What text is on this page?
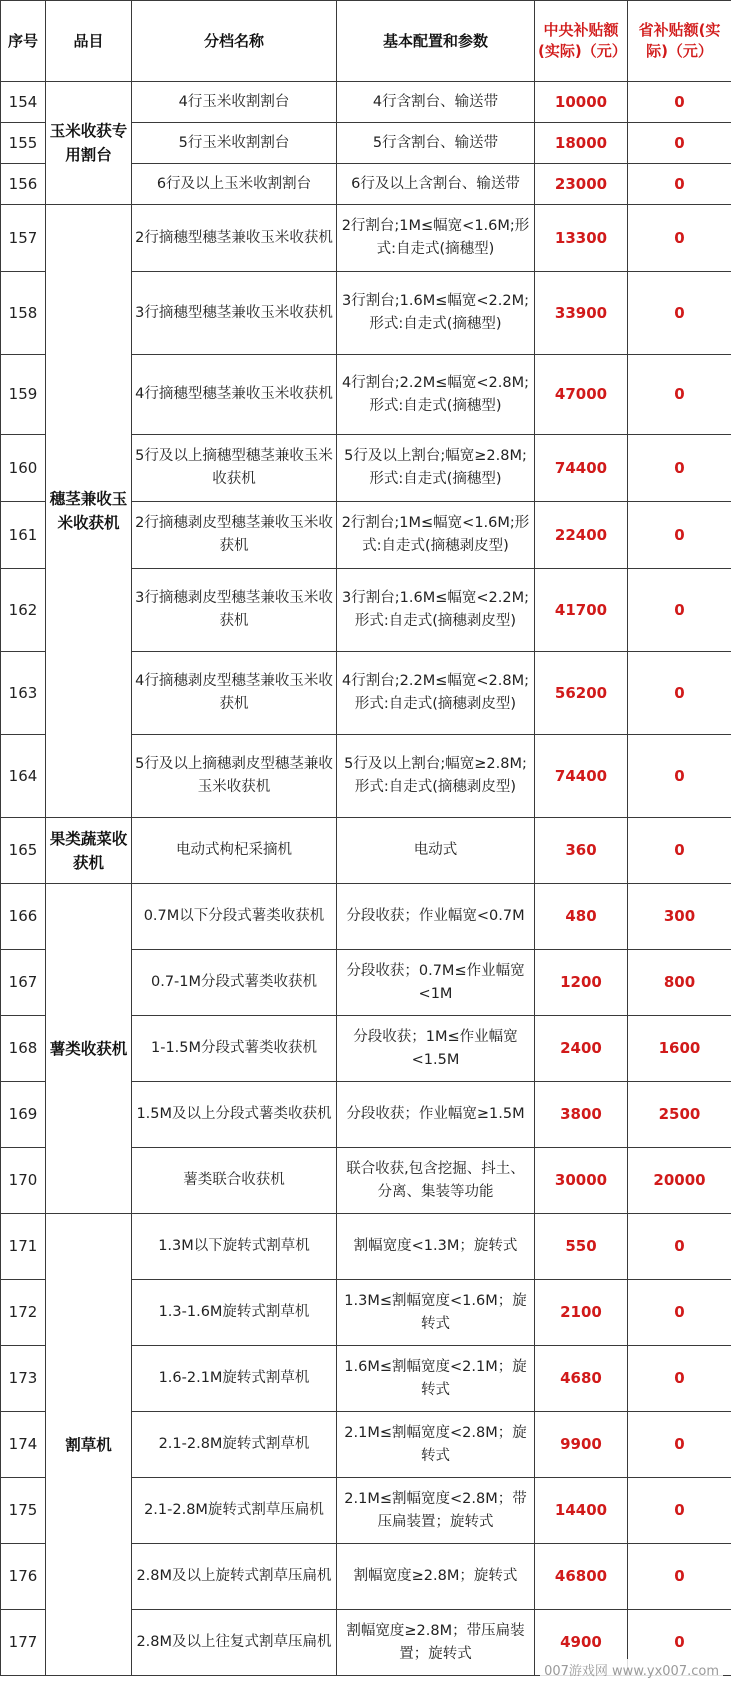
序号	品目	分档名称	基本配置和参数	中央补贴额(实际)（元）	省补贴额(实际)（元）
154	玉米收获专用割台	4行玉米收割割台	4行含割台、输送带	10000	0
155		5行玉米收割割台	5行含割台、输送带	18000	0
156		6行及以上玉米收割割台	6行及以上含割台、输送带	23000	0
157	穗茎兼收玉米收获机	2行摘穗型穗茎兼收玉米收获机	2行割台;1M≤幅宽<1.6M;形式:自走式(摘穗型)	13300	0
158		3行摘穗型穗茎兼收玉米收获机	3行割台;1.6M≤幅宽<2.2M;形式:自走式(摘穗型)	33900	0
159		4行摘穗型穗茎兼收玉米收获机	4行割台;2.2M≤幅宽<2.8M;形式:自走式(摘穗型)	47000	0
160		5行及以上摘穗型穗茎兼收玉米收获机	5行及以上割台;幅宽≥2.8M;形式:自走式(摘穗型)	74400	0
161		2行摘穗剥皮型穗茎兼收玉米收获机	2行割台;1M≤幅宽<1.6M;形式:自走式(摘穗剥皮型)	22400	0
162		3行摘穗剥皮型穗茎兼收玉米收获机	3行割台;1.6M≤幅宽<2.2M;形式:自走式(摘穗剥皮型)	41700	0
163		4行摘穗剥皮型穗茎兼收玉米收获机	4行割台;2.2M≤幅宽<2.8M;形式:自走式(摘穗剥皮型)	56200	0
164		5行及以上摘穗剥皮型穗茎兼收玉米收获机	5行及以上割台;幅宽≥2.8M;形式:自走式(摘穗剥皮型)	74400	0
165	果类蔬菜收获机	电动式枸杞采摘机	电动式	360	0
166	薯类收获机	0.7M以下分段式薯类收获机	分段收获；作业幅宽<0.7M	480	300
167		0.7-1M分段式薯类收获机	分段收获；0.7M≤作业幅宽<1M	1200	800
168		1-1.5M分段式薯类收获机	分段收获；1M≤作业幅宽<1.5M	2400	1600
169		1.5M及以上分段式薯类收获机	分段收获；作业幅宽≥1.5M	3800	2500
170		薯类联合收获机	联合收获,包含挖掘、抖土、分离、集装等功能	30000	20000
171	割草机	1.3M以下旋转式割草机	割幅宽度<1.3M；旋转式	550	0
172		1.3-1.6M旋转式割草机	1.3M≤割幅宽度<1.6M；旋转式	2100	0
173		1.6-2.1M旋转式割草机	1.6M≤割幅宽度<2.1M；旋转式	4680	0
174		2.1-2.8M旋转式割草机	2.1M≤割幅宽度<2.8M；旋转式	9900	0
175		2.1-2.8M旋转式割草压扁机	2.1M≤割幅宽度<2.8M；带压扁装置；旋转式	14400	0
176		2.8M及以上旋转式割草压扁机	割幅宽度≥2.8M；旋转式	46800	0
177		2.8M及以上往复式割草压扁机	割幅宽度≥2.8M；带压扁装置；旋转式	4900	0
007游戏网 www.yx007.com
